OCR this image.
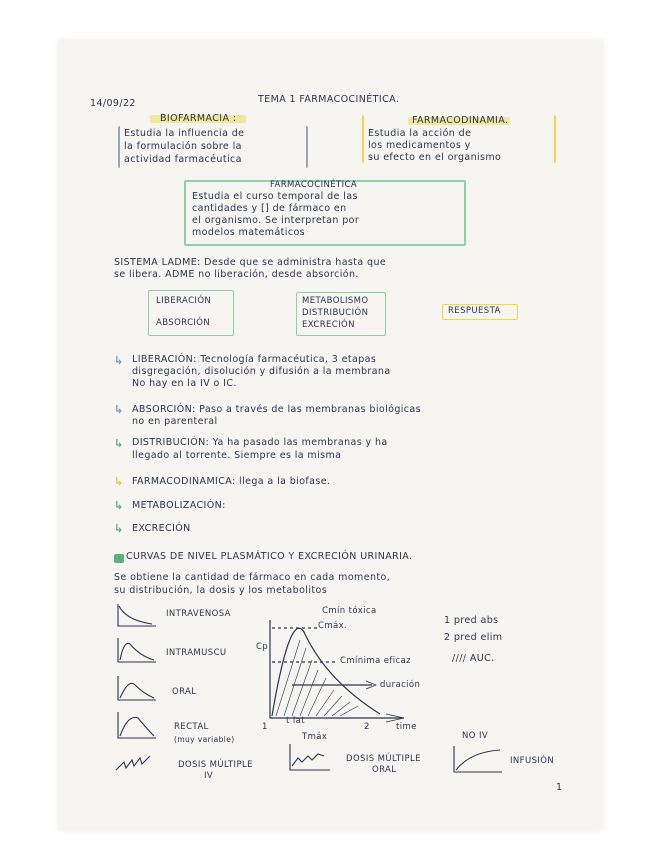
14/09/22	TEMA 1 FARMACOCINÉTICA.
BIOFARMACIA :
Estudia la influencia de
la formulación sobre la
actividad farmacéutica
FARMACODINAMIA.
Estudia la acción de
los medicamentos y
su efecto en el organismo
FARMACOCINÉTICA
Estudia el curso temporal de las
cantidades y [] de fármaco en
el organismo. Se interpretan por
modelos matemáticos
SISTEMA LADME: Desde que se administra hasta que
se libera. ADME no liberación, desde absorción.
LIBERACIÓN
ABSORCIÓN
METABOLISMO
DISTRIBUCIÓN
EXCRECIÓN
RESPUESTA
↳ LIBERACIÓN: Tecnología farmacéutica, 3 etapas
disgregación, disolución y difusión a la membrana
No hay en la IV o IC.
↳ ABSORCIÓN: Paso a través de las membranas biológicas
no en parenteral
↳ DISTRIBUCIÓN: Ya ha pasado las membranas y ha
llegado al torrente. Siempre es la misma
↳ FARMACODINAMICA: llega a la biofase.
↳ METABOLIZACIÓN:
↳ EXCRECIÓN
CURVAS DE NIVEL PLASMÁTICO Y EXCRECIÓN URINARIA.
Se obtiene la cantidad de fármaco en cada momento,
su distribución, la dosis y los metabolitos
INTRAVENOSA
INTRAMUSCU
ORAL
RECTAL
(muy variable)
DOSIS MÚLTIPLE
IV
DOSIS MÚLTIPLE
ORAL
INFUSIÓN
NO IV
Cp
Cmín tóxica
Cmáx.
Cmínima eficaz
duración
time
1	2
t lat
Tmáx
1 pred abs
2 pred elim
//// AUC.
1
